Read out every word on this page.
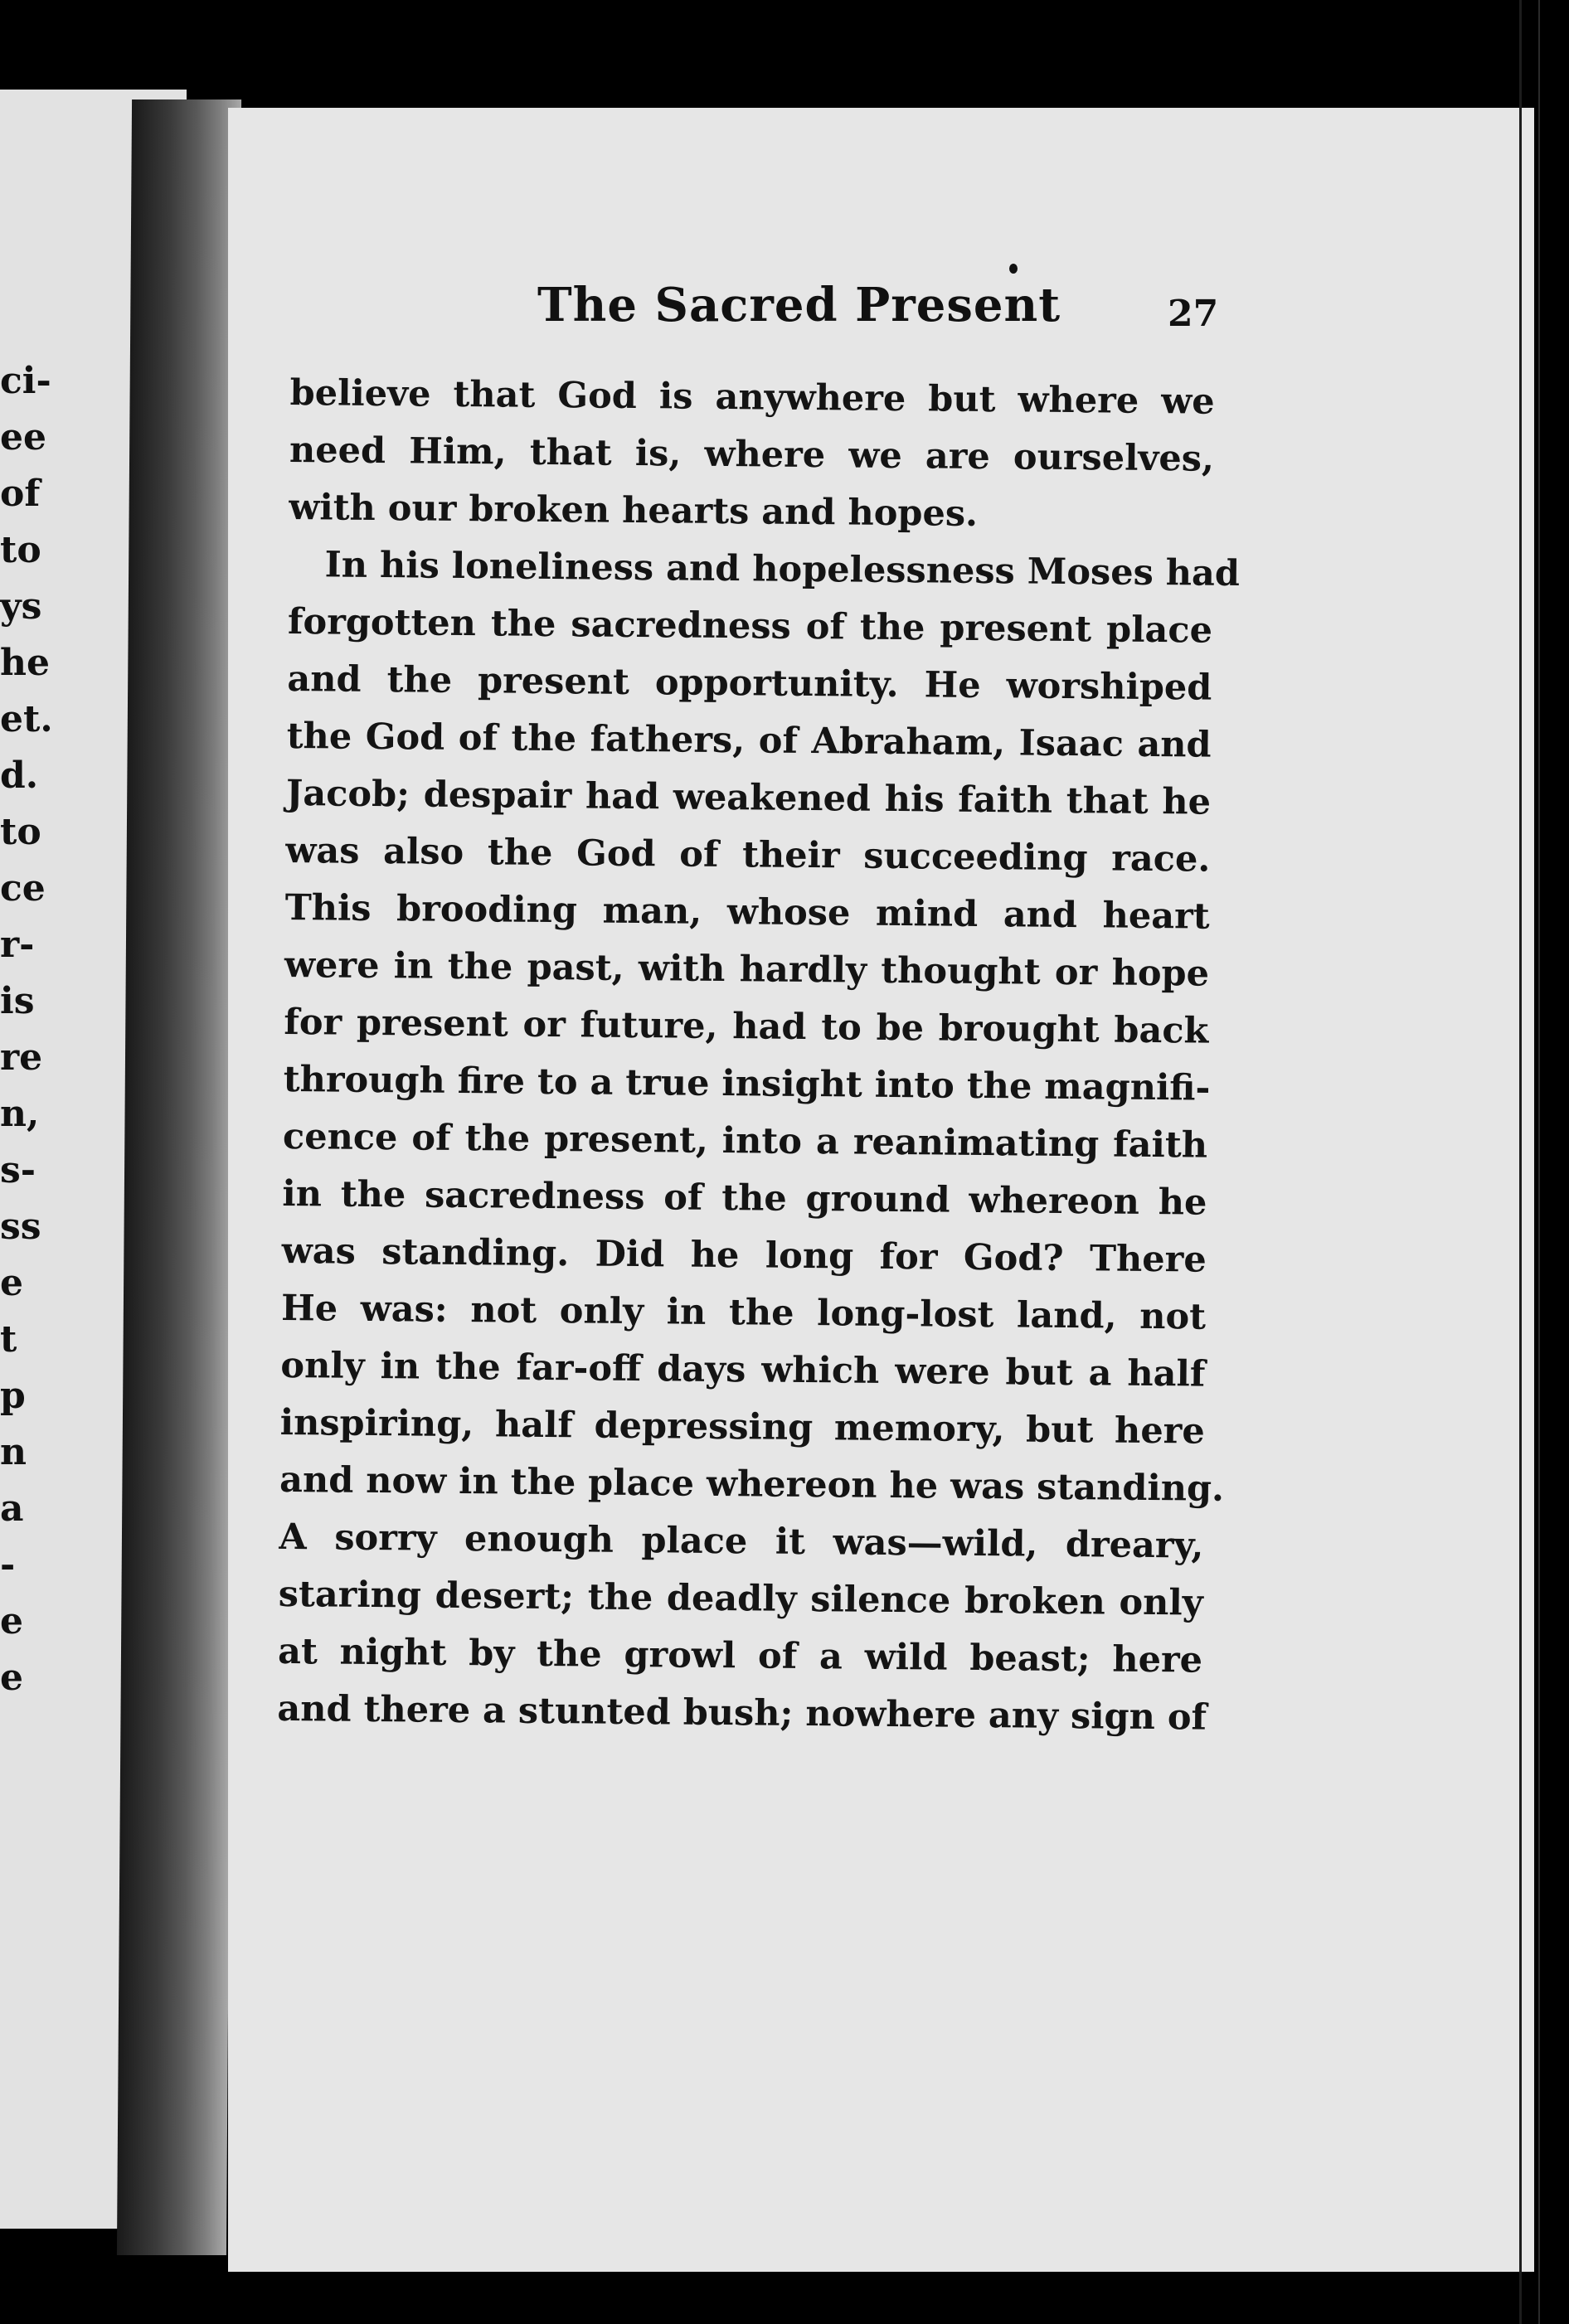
ci-
ee
of
to
ys
he
et.
d.
to
ce
r-
is
re
n,
s-
ss
e
t
p
n
a
-
e
e
The Sacred Present	27
believe that God is anywhere but where we
need Him, that is, where we are ourselves,
with our broken hearts and hopes.
In his loneliness and hopelessness Moses had
forgotten the sacredness of the present place
and the present opportunity. He worshiped
the God of the fathers, of Abraham, Isaac and
Jacob; despair had weakened his faith that he
was also the God of their succeeding race.
This brooding man, whose mind and heart
were in the past, with hardly thought or hope
for present or future, had to be brought back
through fire to a true insight into the magnifi-
cence of the present, into a reanimating faith
in the sacredness of the ground whereon he
was standing. Did he long for God? There
He was: not only in the long-lost land, not
only in the far-off days which were but a half
inspiring, half depressing memory, but here
and now in the place whereon he was standing.
A sorry enough place it was—wild, dreary,
staring desert; the deadly silence broken only
at night by the growl of a wild beast; here
and there a stunted bush; nowhere any sign of
